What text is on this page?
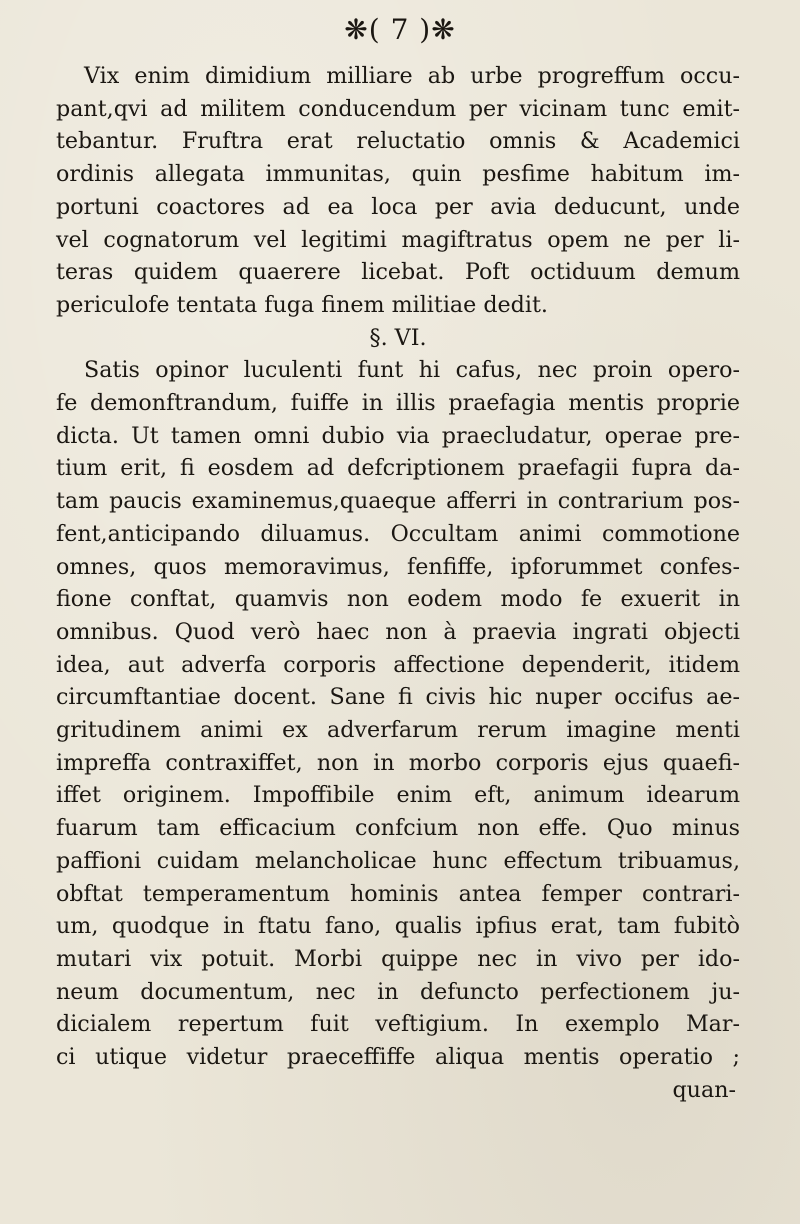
❋( 7 )❋
Vix enim dimidium milliare ab urbe progreffum occu-
pant,qvi ad militem conducendum per vicinam tunc emit-
tebantur. Fruftra erat reluctatio omnis & Academici
ordinis allegata immunitas, quin pesfime habitum im-
portuni coactores ad ea loca per avia deducunt, unde
vel cognatorum vel legitimi magiftratus opem ne per li-
teras quidem quaerere licebat. Poft octiduum demum
periculofe tentata fuga finem militiae dedit.
§. VI.
Satis opinor luculenti funt hi cafus, nec proin opero-
fe demonftrandum, fuiffe in illis praefagia mentis proprie
dicta. Ut tamen omni dubio via praecludatur, operae pre-
tium erit, fi eosdem ad defcriptionem praefagii fupra da-
tam paucis examinemus,quaeque afferri in contrarium pos-
fent,anticipando diluamus. Occultam animi commotione
omnes, quos memoravimus, fenfiffe, ipforummet confes-
fione conftat, quamvis non eodem modo fe exuerit in
omnibus. Quod verò haec non à praevia ingrati objecti
idea, aut adverfa corporis affectione dependerit, itidem
circumftantiae docent. Sane fi civis hic nuper occifus ae-
gritudinem animi ex adverfarum rerum imagine menti
impreffa contraxiffet, non in morbo corporis ejus quaefi-
iffet originem. Impoffibile enim eft, animum idearum
fuarum tam efficacium confcium non effe. Quo minus
paffioni cuidam melancholicae hunc effectum tribuamus,
obftat temperamentum hominis antea femper contrari-
um, quodque in ftatu fano, qualis ipfius erat, tam fubitò
mutari vix potuit. Morbi quippe nec in vivo per ido-
neum documentum, nec in defuncto perfectionem ju-
dicialem repertum fuit veftigium. In exemplo Mar-
ci utique videtur praeceffiffe aliqua mentis operatio ;
quan-
